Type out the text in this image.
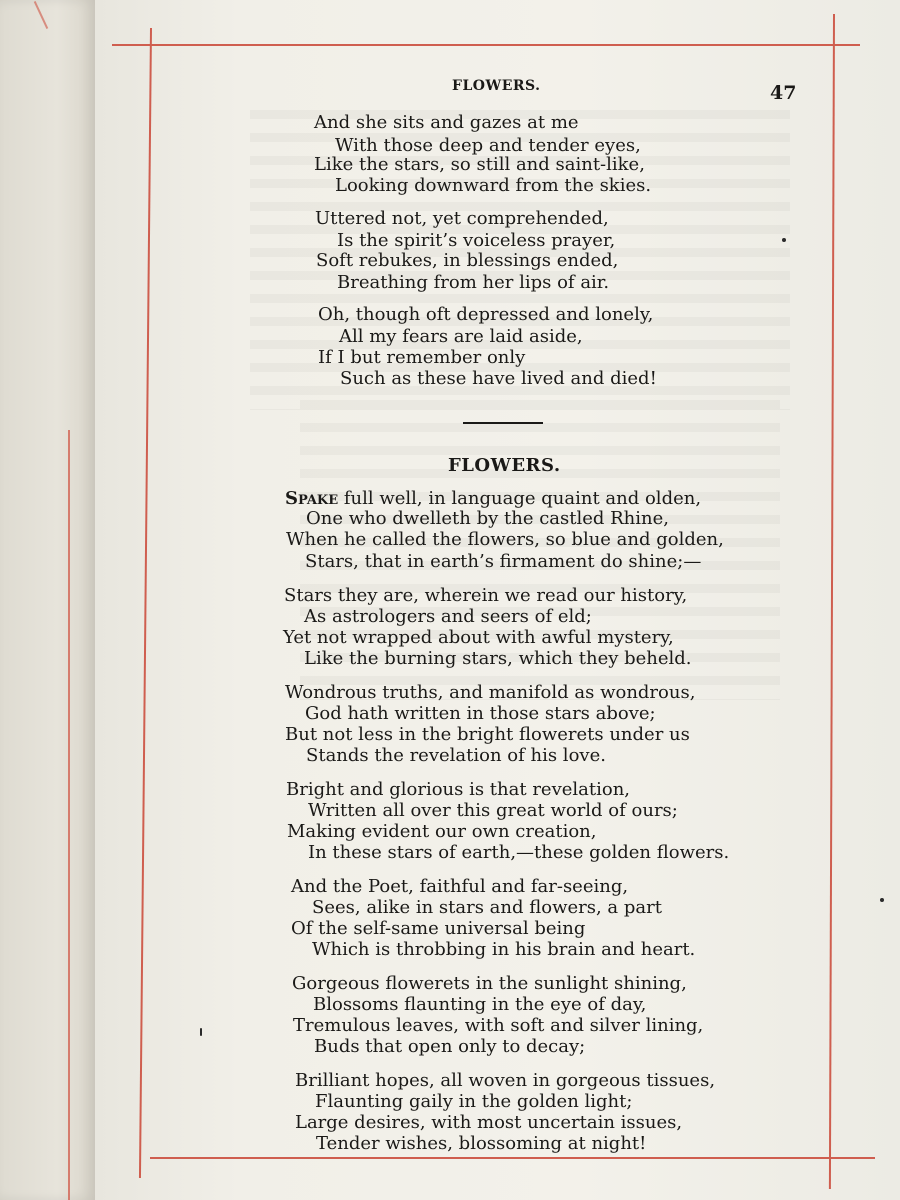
FLOWERS.	47
And she sits and gazes at me
With those deep and tender eyes,
Like the stars, so still and saint-like,
Looking downward from the skies.
Uttered not, yet comprehended,
Is the spirit’s voiceless prayer,
Soft rebukes, in blessings ended,
Breathing from her lips of air.
Oh, though oft depressed and lonely,
All my fears are laid aside,
If I but remember only
Such as these have lived and died!
FLOWERS.
Spake full well, in language quaint and olden,
One who dwelleth by the castled Rhine,
When he called the flowers, so blue and golden,
Stars, that in earth’s firmament do shine;—
Stars they are, wherein we read our history,
As astrologers and seers of eld;
Yet not wrapped about with awful mystery,
Like the burning stars, which they beheld.
Wondrous truths, and manifold as wondrous,
God hath written in those stars above;
But not less in the bright flowerets under us
Stands the revelation of his love.
Bright and glorious is that revelation,
Written all over this great world of ours;
Making evident our own creation,
In these stars of earth,—these golden flowers.
And the Poet, faithful and far-seeing,
Sees, alike in stars and flowers, a part
Of the self-same universal being
Which is throbbing in his brain and heart.
Gorgeous flowerets in the sunlight shining,
Blossoms flaunting in the eye of day,
Tremulous leaves, with soft and silver lining,
Buds that open only to decay;
Brilliant hopes, all woven in gorgeous tissues,
Flaunting gaily in the golden light;
Large desires, with most uncertain issues,
Tender wishes, blossoming at night!
